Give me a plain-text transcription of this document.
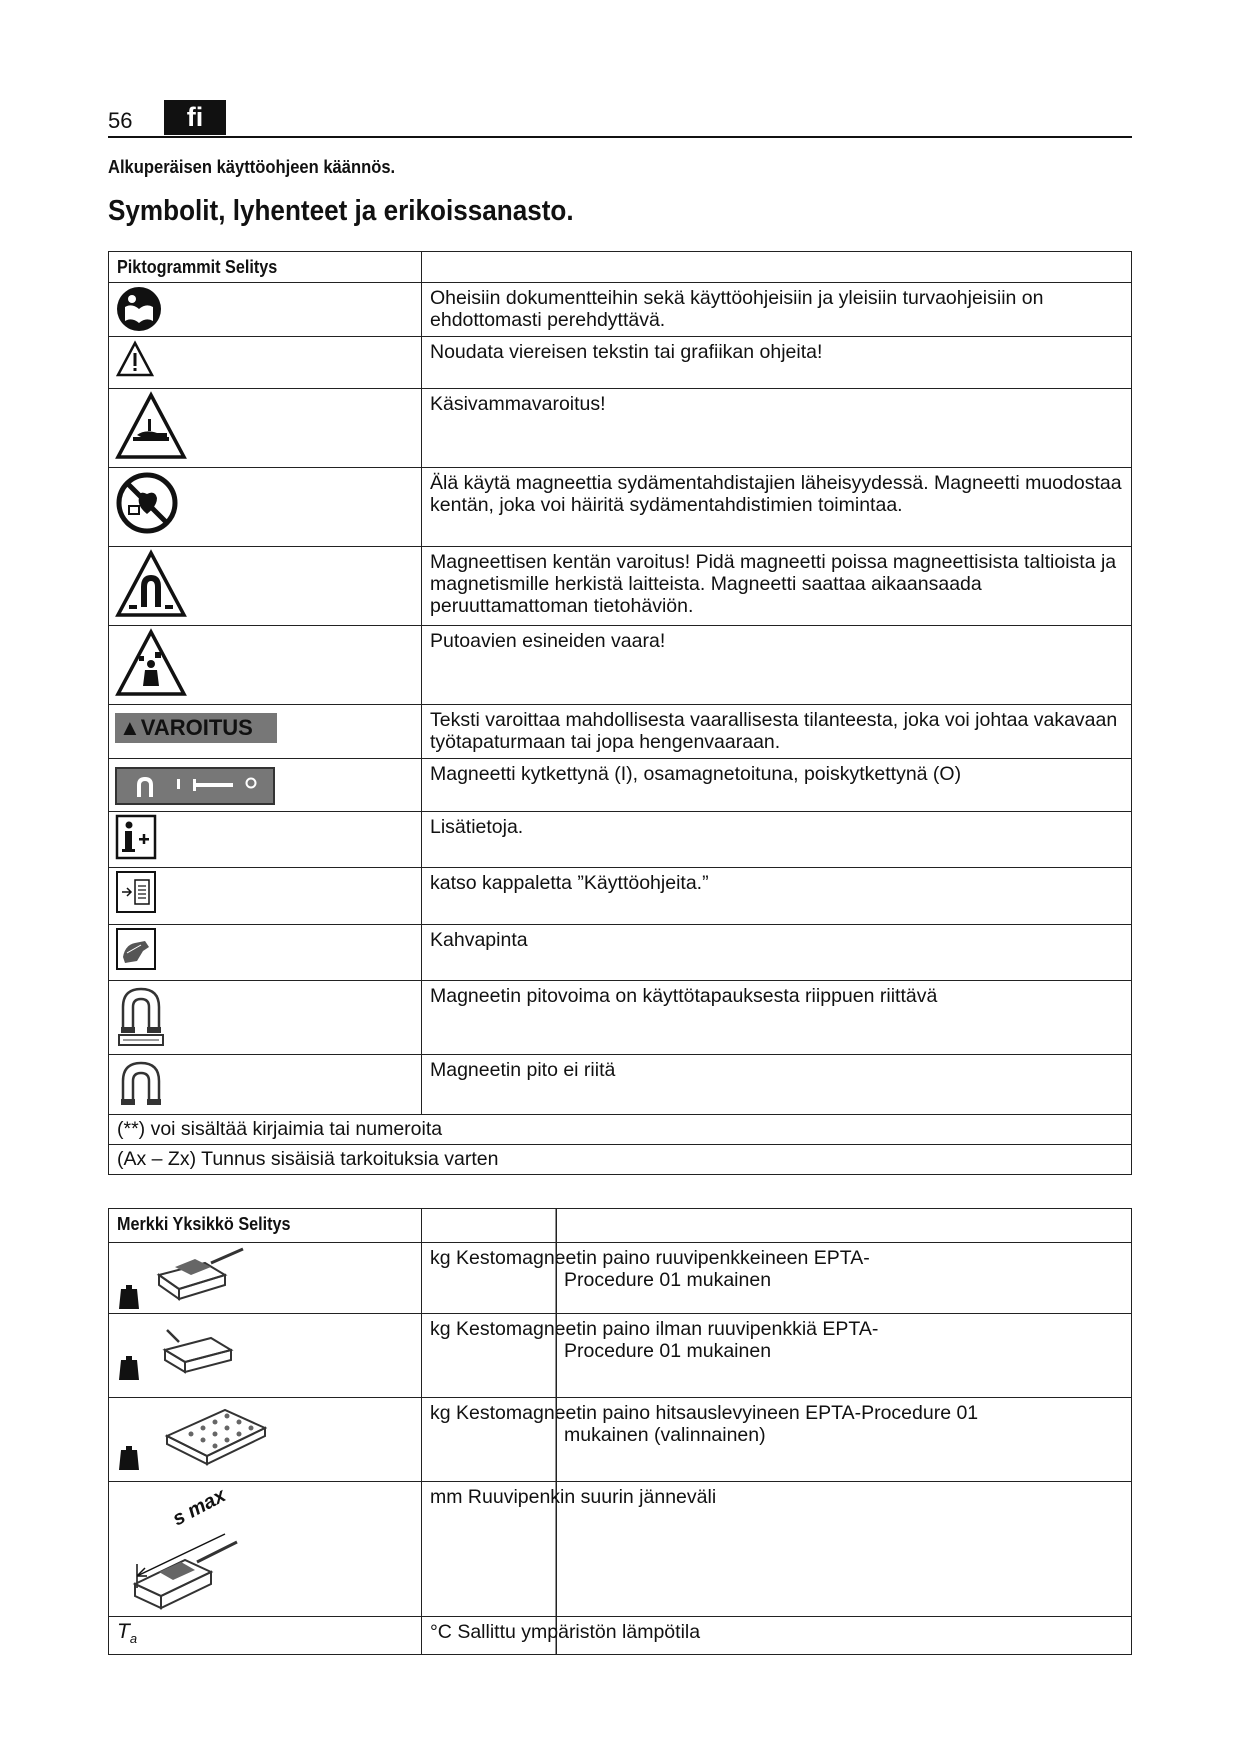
56	fi
Alkuperäisen käyttöohjeen käännös.
Symbolit, lyhenteet ja erikoissanasto.
Piktogrammit Selitys	

	Oheisiin dokumentteihin sekä käyttöohjeisiin ja yleisiin turvaohjeisiin on ehdottomasti perehdyttävä.

	Noudata viereisen tekstin tai grafiikan ohjeita!

	Käsivammavaroitus!

	Älä käytä magneettia sydämentahdistajien läheisyydessä. Magneetti muodostaa kentän, joka voi häiritä sydämentahdistimien toimintaa.

	Magneettisen kentän varoitus! Pidä magneetti poissa magneettisista taltioista ja magnetismille herkistä laitteista. Magneetti saattaa aikaansaada peruuttamattoman tietohäviön.

	Putoavien esineiden vaara!

▲VAROITUS	Teksti varoittaa mahdollisesta vaarallisesta tilanteesta, joka voi johtaa vakavaan työtapaturmaan tai jopa hengenvaaraan.

	Magneetti kytkettynä (I), osamagnetoituna, poiskytkettynä (O)

	Lisätietoja.

	katso kappaletta ”Käyttöohjeita.”

	Kahvapinta

	Magneetin pitovoima on käyttötapauksesta riippuen riittävä

	Magneetin pito ei riitä
(**) voi sisältää kirjaimia tai numeroita	
(Ax – Zx) Tunnus sisäisiä tarkoituksia varten	
Merkki Yksikkö Selitys	

	kg Kestomagneetin paino ruuvipenkkeineen EPTA-
Procedure 01 mukainen

	kg Kestomagneetin paino ilman ruuvipenkkiä EPTA-
Procedure 01 mukainen

	kg Kestomagneetin paino hitsauslevyineen EPTA-Procedure 01
mukainen (valinnainen)

s max	mm Ruuvipenkin suurin jänneväli
$T_a$	°C Sallittu ympäristön lämpötila
